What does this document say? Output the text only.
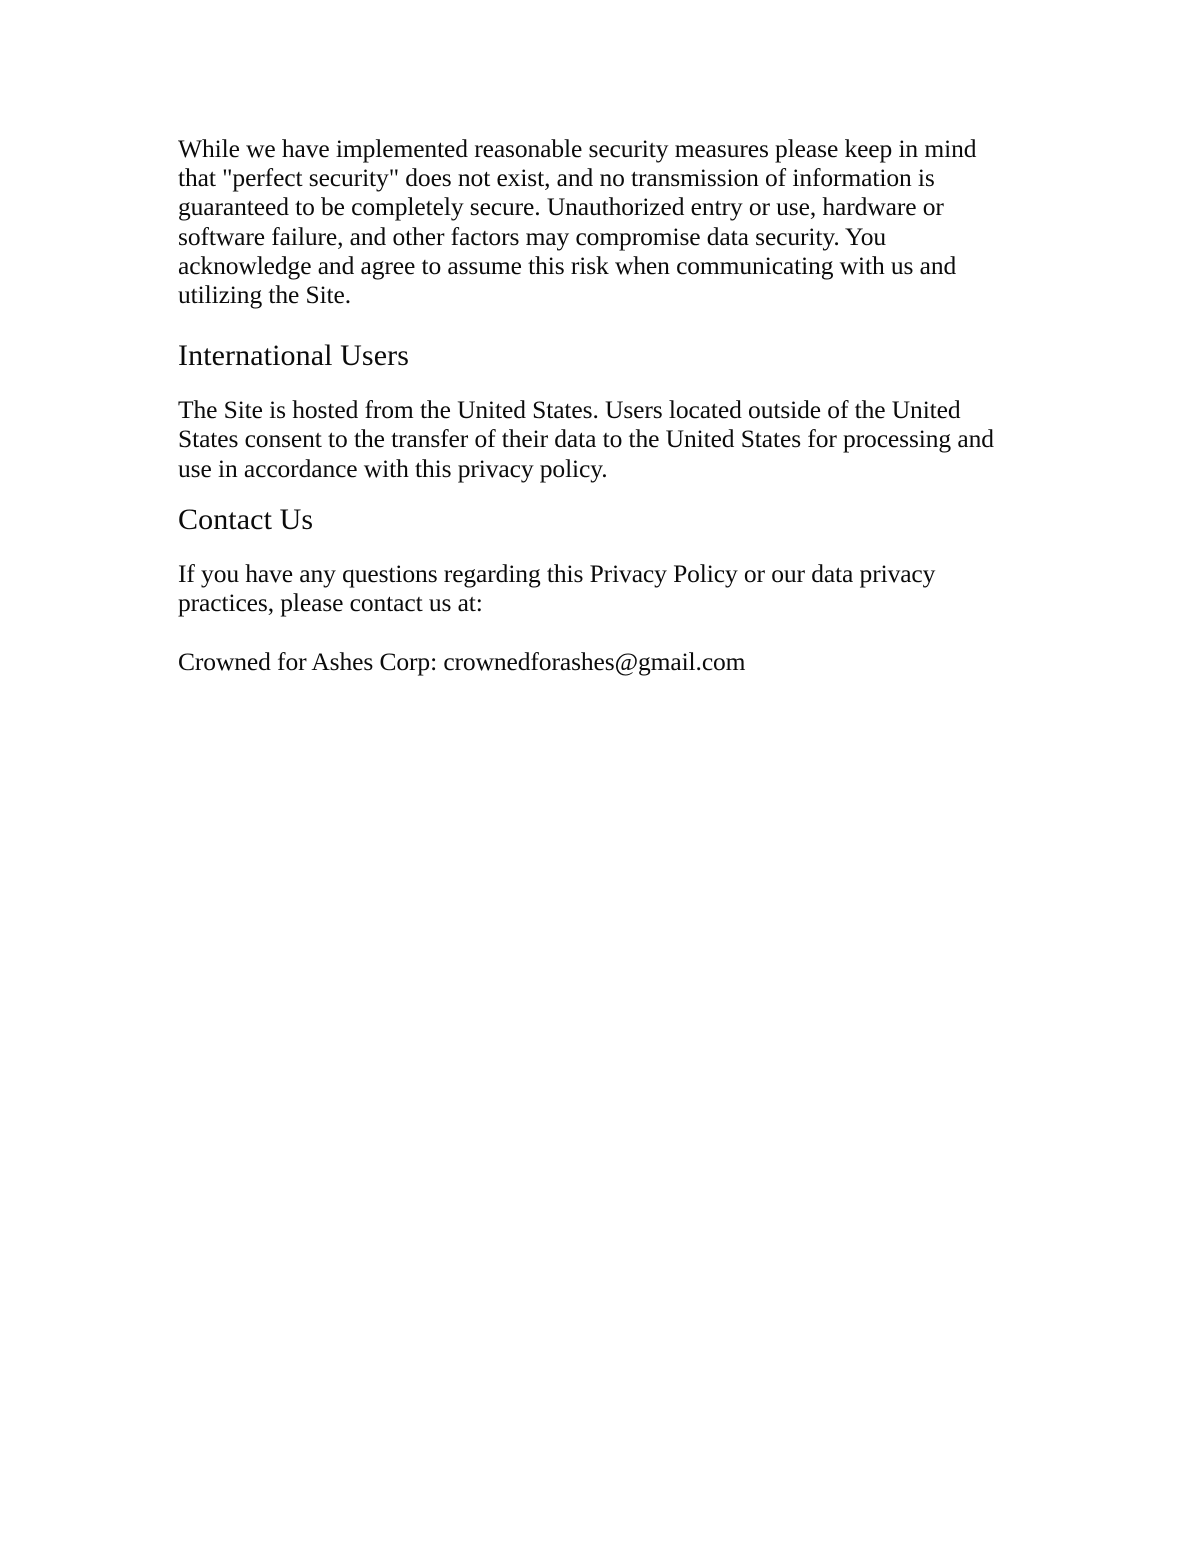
While we have implemented reasonable security measures please keep in mind that "perfect security" does not exist, and no transmission of information is guaranteed to be completely secure. Unauthorized entry or use, hardware or software failure, and other factors may compromise data security. You acknowledge and agree to assume this risk when communicating with us and utilizing the Site.

International Users

The Site is hosted from the United States. Users located outside of the United States consent to the transfer of their data to the United States for processing and use in accordance with this privacy policy.

Contact Us

If you have any questions regarding this Privacy Policy or our data privacy practices, please contact us at:

Crowned for Ashes Corp: crownedforashes@gmail.com
